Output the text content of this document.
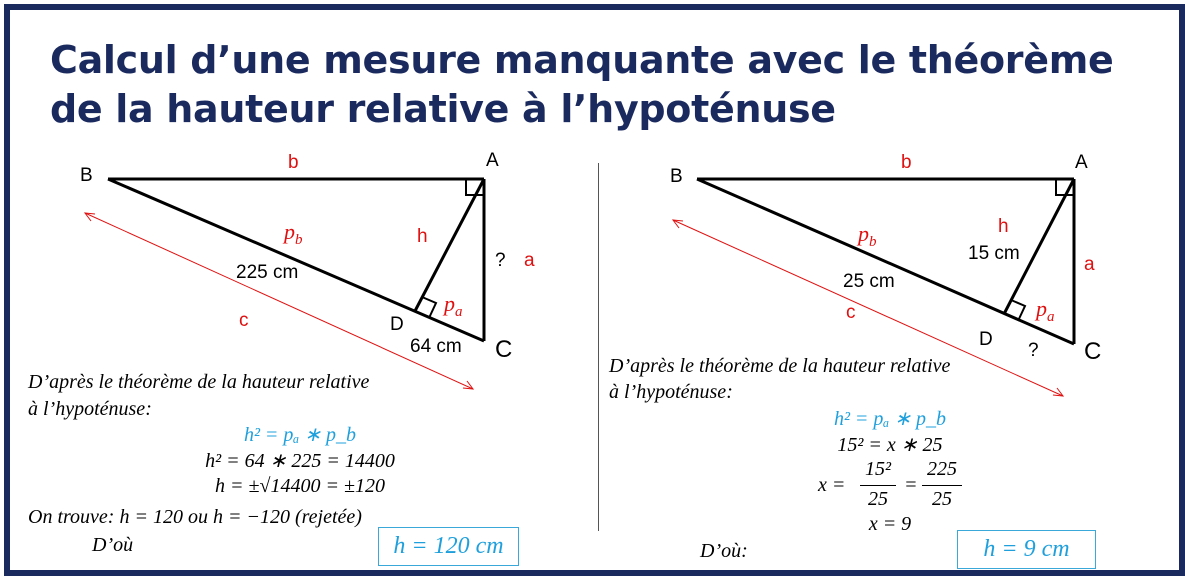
Calcul d’une mesure manquante avec le théorème
de la hauteur relative à l’hypoténuse
B
A
C
D
b
c
h
a
?
$p_b$
$p_a$
225 cm
64 cm
B
A
C
D
b
c
h
a
?
$p_b$
$p_a$
15 cm
25 cm

D’après le théorème de la hauteur relative

à l’hypoténuse:

h² = pₐ ∗ p_b

h² = 64 ∗ 225 = 14400

h = ±√14400 = ±120

On trouve: h = 120 ou h = −120 (rejetée)

D’où	h = 120 cm

D’après le théorème de la hauteur relative

à l’hypoténuse:

h² = pₐ ∗ p_b

15² = x ∗ 25

x =
15²
25
=
225
25

x = 9

D’où:	h = 9 cm
